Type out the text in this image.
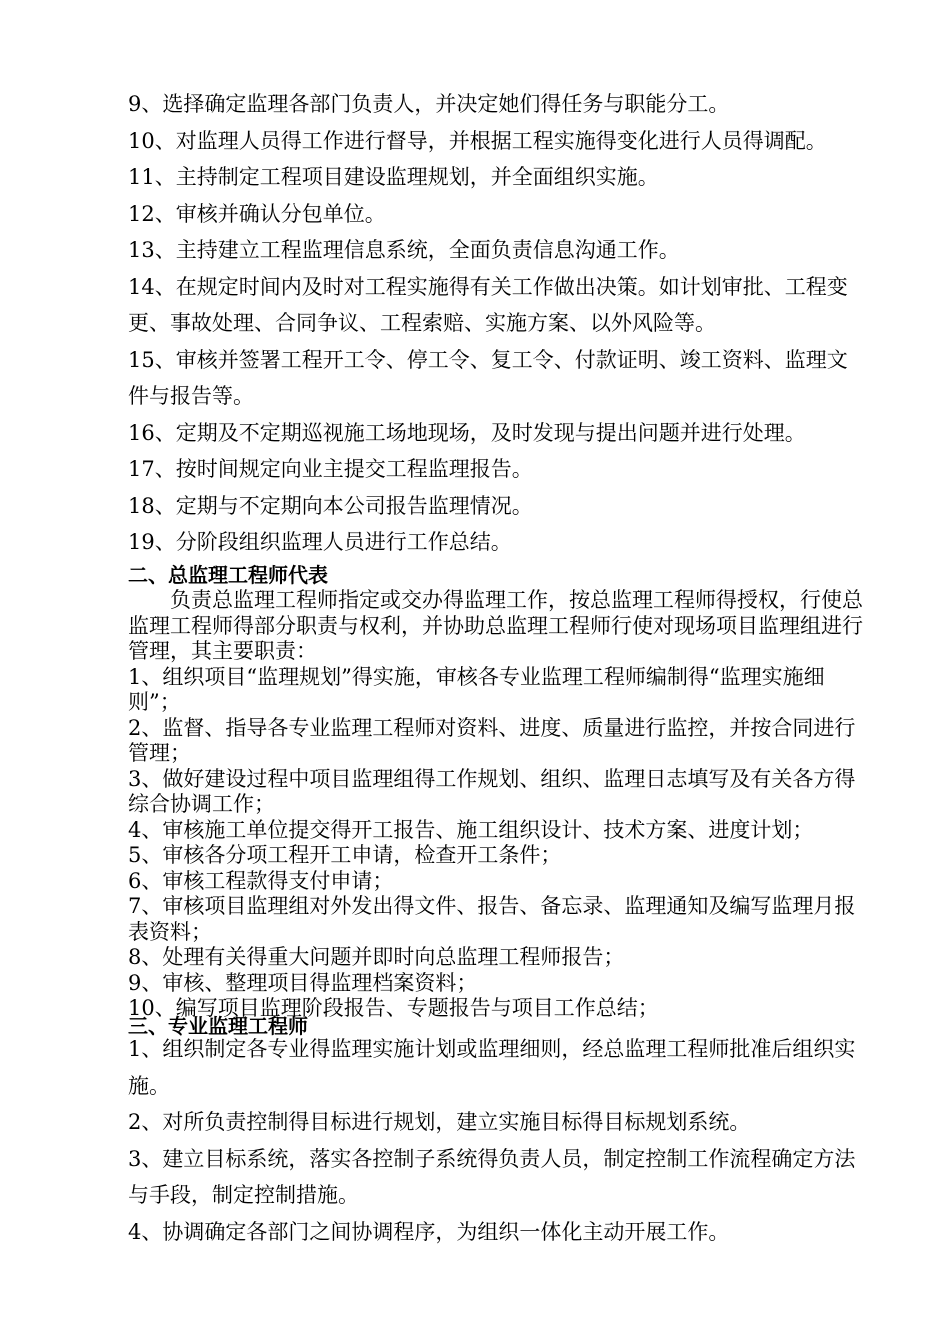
9、选择确定监理各部门负责人，并决定她们得任务与职能分工。

10、对监理人员得工作进行督导，并根据工程实施得变化进行人员得调配。

11、主持制定工程项目建设监理规划，并全面组织实施。

12、审核并确认分包单位。

13、主持建立工程监理信息系统，全面负责信息沟通工作。

14、在规定时间内及时对工程实施得有关工作做出决策。如计划审批、工程变更、事故处理、合同争议、工程索赔、实施方案、以外风险等。

15、审核并签署工程开工令、停工令、复工令、付款证明、竣工资料、监理文件与报告等。

16、定期及不定期巡视施工场地现场，及时发现与提出问题并进行处理。

17、按时间规定向业主提交工程监理报告。

18、定期与不定期向本公司报告监理情况。

19、分阶段组织监理人员进行工作总结。

二、总监理工程师代表

负责总监理工程师指定或交办得监理工作，按总监理工程师得授权，行使总监理工程师得部分职责与权利，并协助总监理工程师行使对现场项目监理组进行管理，其主要职责：

1、组织项目“监理规划”得实施，审核各专业监理工程师编制得“监理实施细则”；

2、监督、指导各专业监理工程师对资料、进度、质量进行监控，并按合同进行管理；

3、做好建设过程中项目监理组得工作规划、组织、监理日志填写及有关各方得综合协调工作；

4、审核施工单位提交得开工报告、施工组织设计、技术方案、进度计划；

5、审核各分项工程开工申请，检查开工条件；

6、审核工程款得支付申请；

7、审核项目监理组对外发出得文件、报告、备忘录、监理通知及编写监理月报表资料；

8、处理有关得重大问题并即时向总监理工程师报告；

9、审核、整理项目得监理档案资料；

10、编写项目监理阶段报告、专题报告与项目工作总结；

三、专业监理工程师

1、组织制定各专业得监理实施计划或监理细则，经总监理工程师批准后组织实施。

2、对所负责控制得目标进行规划，建立实施目标得目标规划系统。

3、建立目标系统，落实各控制子系统得负责人员，制定控制工作流程确定方法与手段，制定控制措施。

4、协调确定各部门之间协调程序，为组织一体化主动开展工作。
